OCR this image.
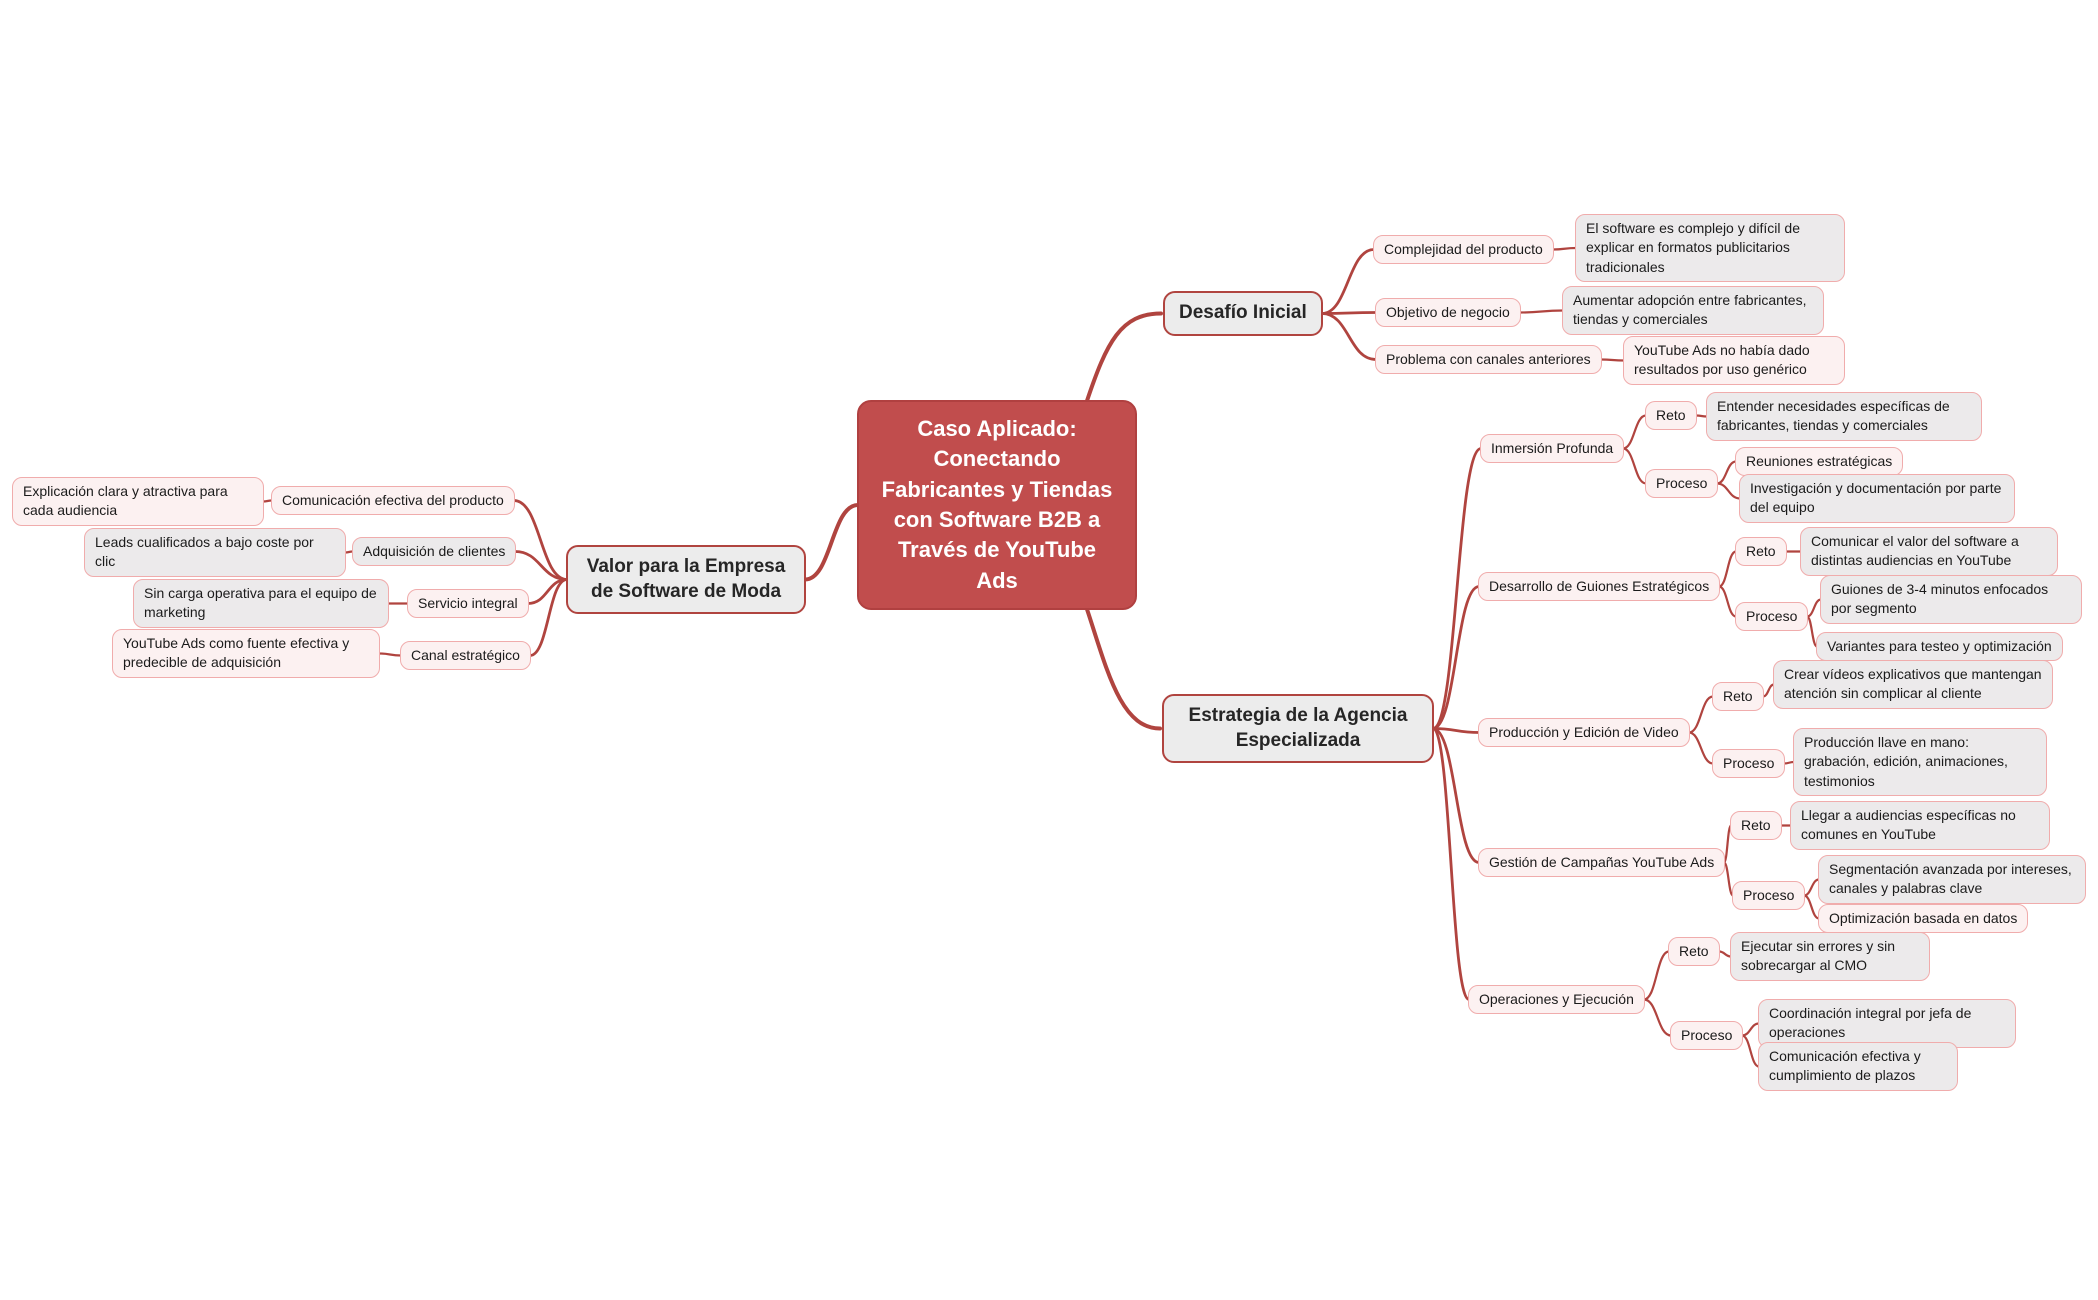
Caso Aplicado: Conectando Fabricantes y Tiendas con Software B2B a Través de YouTube Ads
Valor para la Empresa de Software de Moda
Comunicación efectiva del producto
Explicación clara y atractiva para cada audiencia
Adquisición de clientes
Leads cualificados a bajo coste por clic
Servicio integral
Sin carga operativa para el equipo de marketing
Canal estratégico
YouTube Ads como fuente efectiva y predecible de adquisición
Desafío Inicial
Complejidad del producto
El software es complejo y difícil de explicar en formatos publicitarios tradicionales
Objetivo de negocio
Aumentar adopción entre fabricantes, tiendas y comerciales
Problema con canales anteriores
YouTube Ads no había dado resultados por uso genérico
Estrategia de la Agencia Especializada
Inmersión Profunda
Reto
Entender necesidades específicas de fabricantes, tiendas y comerciales
Proceso
Reuniones estratégicas
Investigación y documentación por parte del equipo
Desarrollo de Guiones Estratégicos
Reto
Comunicar el valor del software a distintas audiencias en YouTube
Proceso
Guiones de 3-4 minutos enfocados por segmento
Variantes para testeo y optimización
Producción y Edición de Video
Reto
Crear vídeos explicativos que mantengan atención sin complicar al cliente
Proceso
Producción llave en mano: grabación, edición, animaciones, testimonios
Gestión de Campañas YouTube Ads
Reto
Llegar a audiencias específicas no comunes en YouTube
Proceso
Segmentación avanzada por intereses, canales y palabras clave
Optimización basada en datos
Operaciones y Ejecución
Reto	Ejecutar sin errores y sin sobrecargar al CMO
Proceso
Coordinación integral por jefa de operaciones
Comunicación efectiva y cumplimiento de plazos
